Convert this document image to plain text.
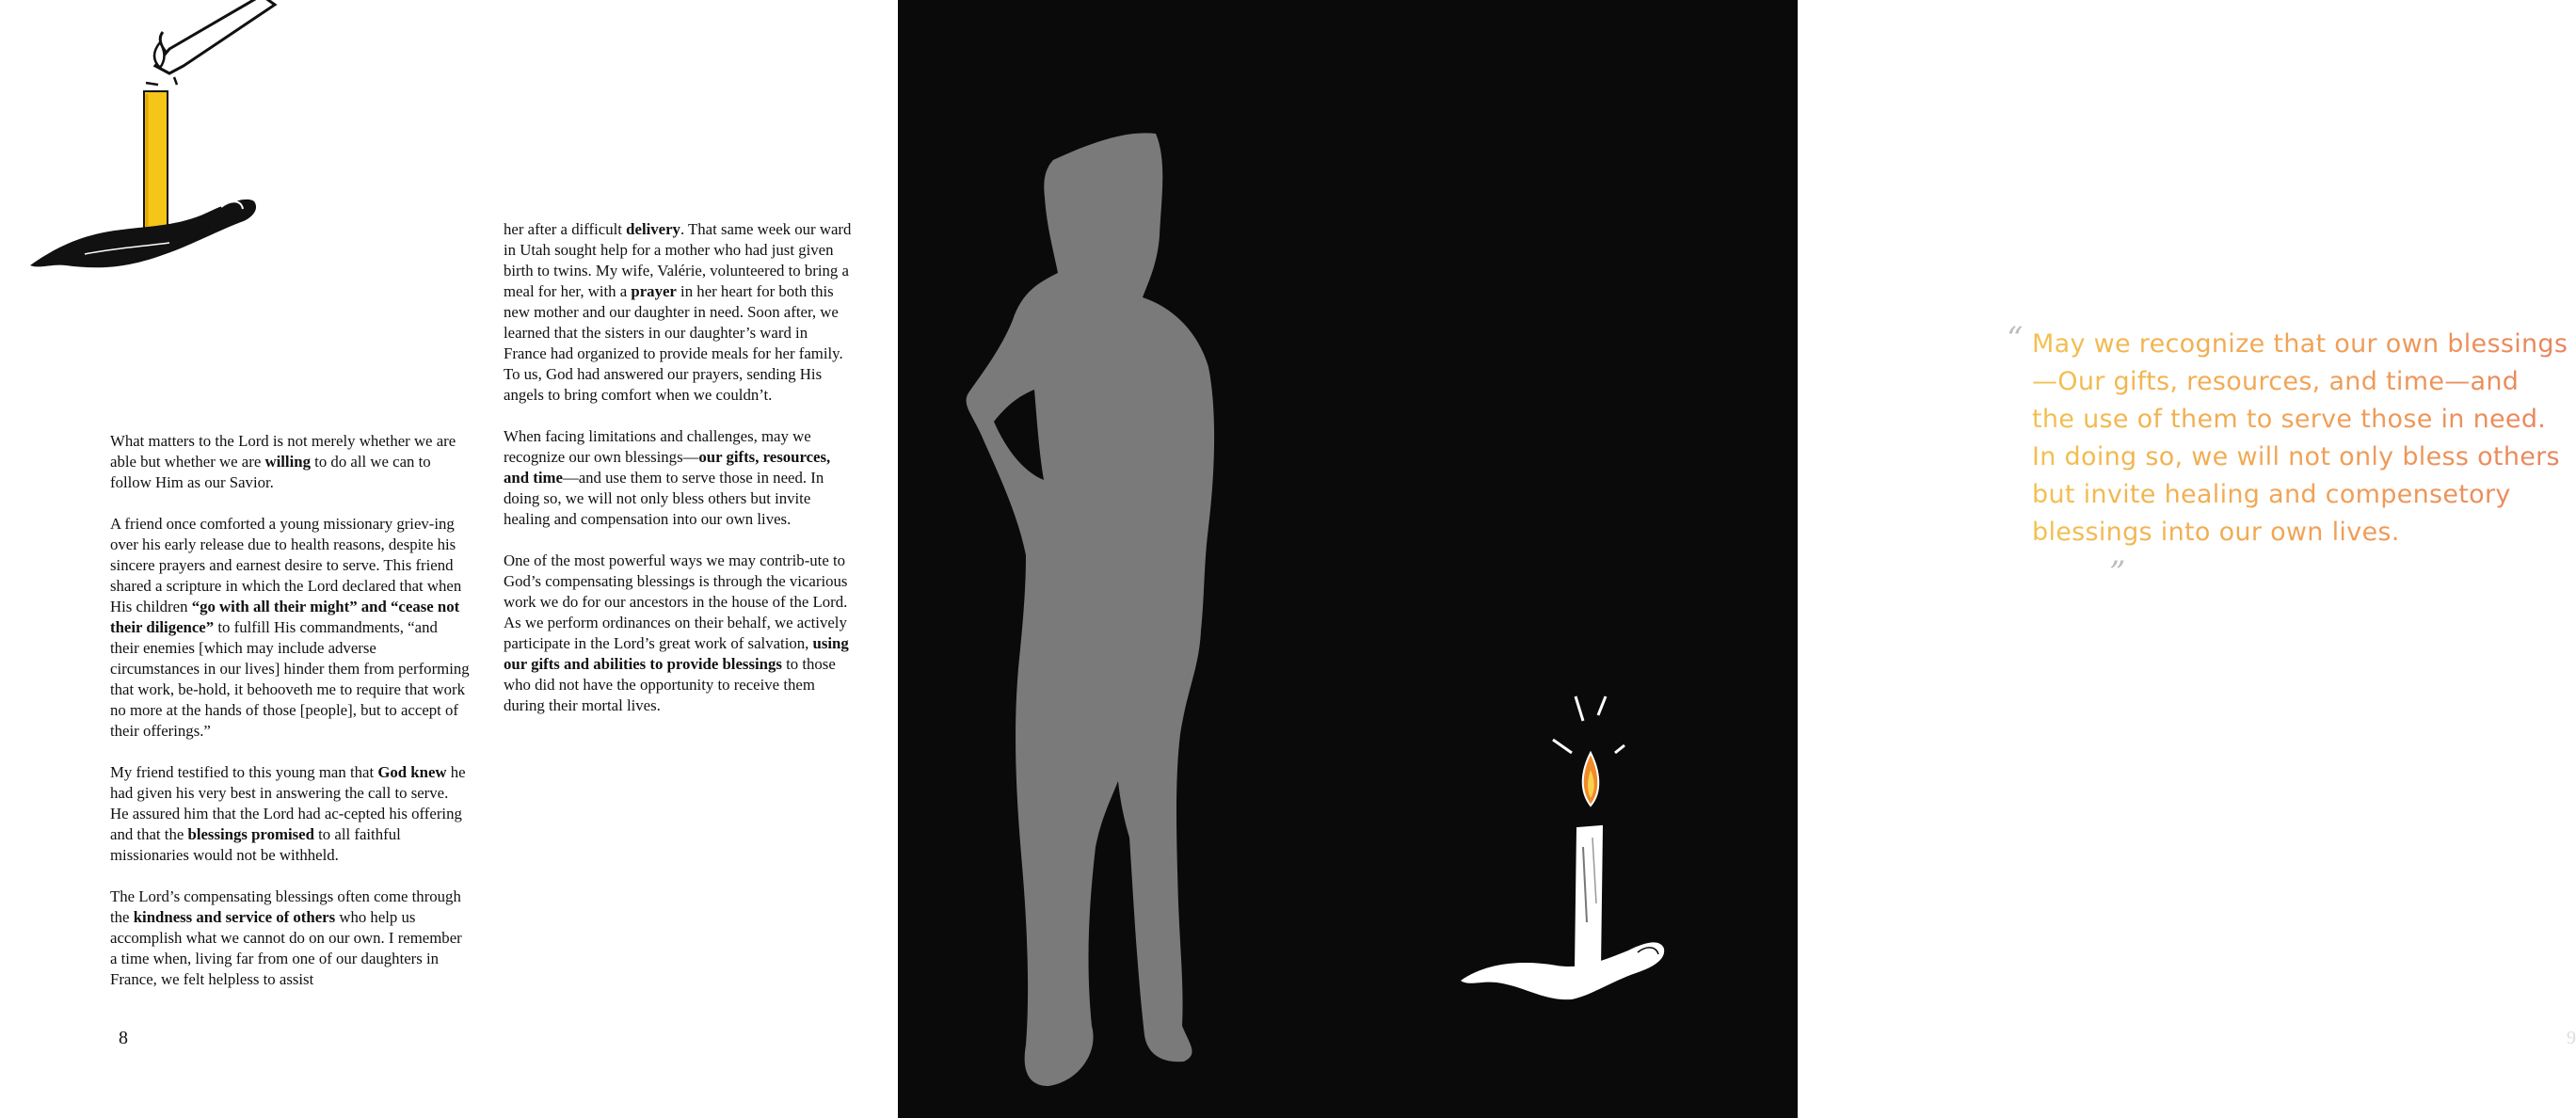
What matters to the Lord is not merely whether we are able but whether we are willing to do all we can to follow Him as our Savior.

A friend once comforted a young missionary griev-ing over his early release due to health reasons, despite his sincere prayers and earnest desire to serve. This friend shared a scripture in which the Lord declared that when His children “go with all their might” and “cease not their diligence” to fulfill His commandments, “and their enemies [which may include adverse circumstances in our lives] hinder them from performing that work, be-hold, it behooveth me to require that work no more at the hands of those [people], but to accept of their offerings.”

My friend testified to this young man that God knew he had given his very best in answering the call to serve. He assured him that the Lord had ac-cepted his offering and that the blessings promised to all faithful missionaries would not be withheld.

The Lord’s compensating blessings often come through the kindness and service of others who help us accomplish what we cannot do on our own. I remember a time when, living far from one of our daughters in France, we felt helpless to assist

her after a difficult delivery. That same week our ward in Utah sought help for a mother who had just given birth to twins. My wife, Valérie, volunteered to bring a meal for her, with a prayer in her heart for both this new mother and our daughter in need. Soon after, we learned that the sisters in our daughter’s ward in France had organized to provide meals for her family. To us, God had answered our prayers, sending His angels to bring comfort when we couldn’t.

When facing limitations and challenges, may we recognize our own blessings—our gifts, resources, and time—and use them to serve those in need. In doing so, we will not only bless others but invite healing and compensation into our own lives.

One of the most powerful ways we may contrib-ute to God’s compensating blessings is through the vicarious work we do for our ancestors in the house of the Lord. As we perform ordinances on their behalf, we actively participate in the Lord’s great work of salvation, using our gifts and abilities to provide blessings to those who did not have the opportunity to receive them during their mortal lives.

8
“ May we recognize that our own blessings—Our gifts, resources, and time—and the use of them to serve those in need. In doing so, we will not only bless others but invite healing and compensetory blessings into our own lives.
”
9
